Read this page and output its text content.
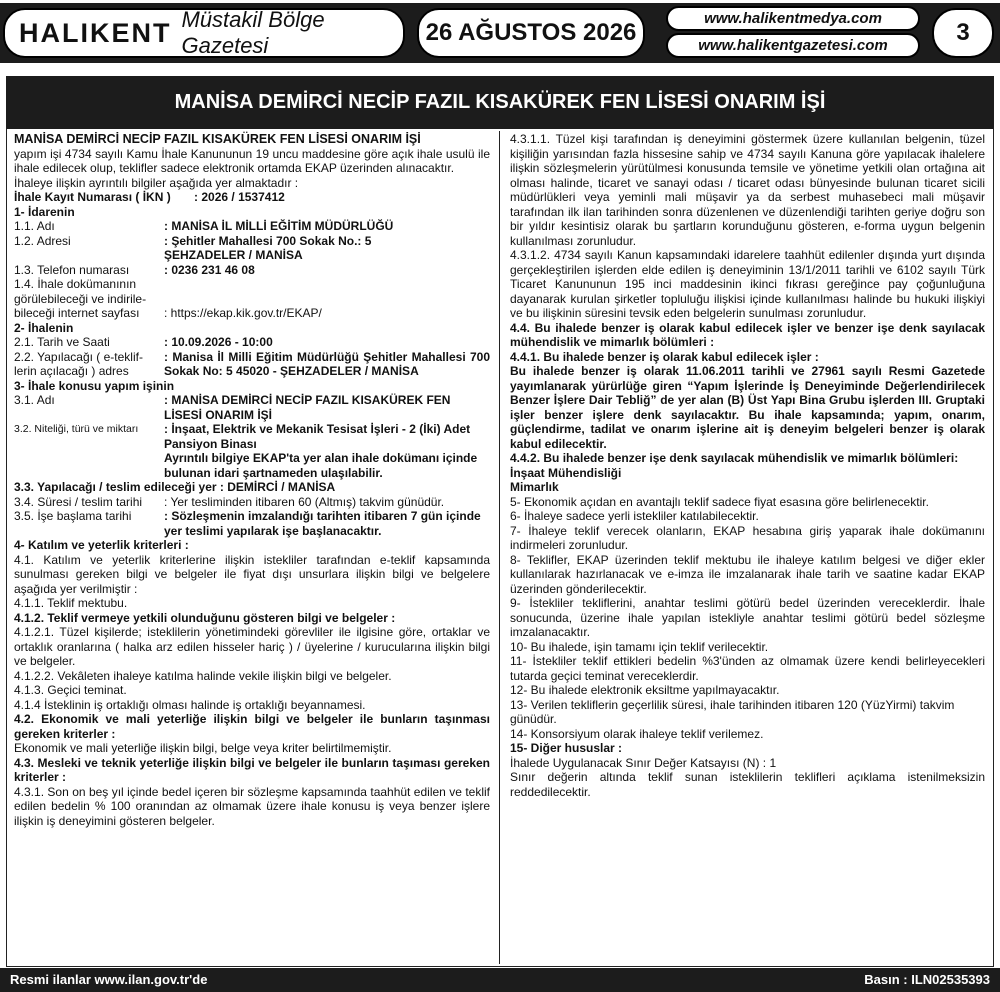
HALIKENT Müstakil Bölge Gazetesi	26 AĞUSTOS 2026
www.halikentmedya.com
www.halikentgazetesi.com	3
MANİSA DEMİRCİ NECİP FAZIL KISAKÜREK FEN LİSESİ ONARIM İŞİ

MANİSA DEMİRCİ NECİP FAZIL KISAKÜREK FEN LİSESİ ONARIM İŞİ

yapım işi 4734 sayılı Kamu İhale Kanununun 19 uncu maddesine göre açık ihale usulü ile ihale edilecek olup, teklifler sadece elektronik ortamda EKAP üzerinden alınacaktır.

İhaleye ilişkin ayrıntılı bilgiler aşağıda yer almaktadır :

İhale Kayıt Numarası ( İKN )       : 2026 / 1537412

1- İdarenin

1.1. Adı	: MANİSA İL MİLLİ EĞİTİM MÜDÜRLÜĞÜ
1.2. Adresi	: Şehitler Mahallesi 700 Sokak No.: 5 ŞEHZADELER / MANİSA
1.3. Telefon numarası	: 0236 231 46 08

1.4. İhale dokümanının

görülebileceği ve indirile-

bileceği internet sayfası	: https://ekap.kik.gov.tr/EKAP/

2- İhalenin

2.1. Tarih ve Saati	: 10.09.2026 - 10:00
2.2. Yapılacağı ( e-teklif-lerin açılacağı ) adres
: Manisa İl Milli Eğitim Müdürlüğü Şehitler Mahallesi 700 Sokak No: 5 45020 - ŞEHZADELER / MANİSA

3- İhale konusu yapım işinin

3.1. Adı	: MANİSA DEMİRCİ NECİP FAZIL KISAKÜREK FEN LİSESİ ONARIM İŞİ
3.2. Niteliği, türü ve miktarı	: İnşaat, Elektrik ve Mekanik Tesisat İşleri - 2 (İki) Adet Pansiyon Binası
Ayrıntılı bilgiye EKAP'ta yer alan ihale dokümanı içinde bulunan idari şartnameden ulaşılabilir.

3.3. Yapılacağı / teslim edileceği yer : DEMİRCİ / MANİSA

3.4. Süresi / teslim tarihi	: Yer tesliminden itibaren 60 (Altmış) takvim günüdür.
3.5. İşe başlama tarihi	: Sözleşmenin imzalandığı tarihten itibaren 7 gün içinde yer teslimi yapılarak işe başlanacaktır.

4- Katılım ve yeterlik kriterleri :

4.1. Katılım ve yeterlik kriterlerine ilişkin istekliler tarafından e-teklif kapsamında sunulması gereken bilgi ve belgeler ile fiyat dışı unsurlara ilişkin bilgi ve belgelere aşağıda yer verilmiştir :

4.1.1. Teklif mektubu.

4.1.2. Teklif vermeye yetkili olunduğunu gösteren bilgi ve belgeler :

4.1.2.1. Tüzel kişilerde; isteklilerin yönetimindeki görevliler ile ilgisine göre, ortaklar ve ortaklık oranlarına ( halka arz edilen hisseler hariç ) / üyelerine / kurucularına ilişkin bilgi ve belgeler.

4.1.2.2. Vekâleten ihaleye katılma halinde vekile ilişkin bilgi ve belgeler.

4.1.3. Geçici teminat.

4.1.4 İsteklinin iş ortaklığı olması halinde iş ortaklığı beyannamesi.

4.2. Ekonomik ve mali yeterliğe ilişkin bilgi ve belgeler ile bunların taşınması gereken kriterler :

Ekonomik ve mali yeterliğe ilişkin bilgi, belge veya kriter belirtilmemiştir.

4.3. Mesleki ve teknik yeterliğe ilişkin bilgi ve belgeler ile bunların taşıması gereken kriterler :

4.3.1. Son on beş yıl içinde bedel içeren bir sözleşme kapsamında taahhüt edilen ve teklif edilen bedelin % 100 oranından az olmamak üzere ihale konusu iş veya benzer işlere ilişkin iş deneyimini gösteren belgeler.

4.3.1.1. Tüzel kişi tarafından iş deneyimini göstermek üzere kullanılan belgenin, tüzel kişiliğin yarısından fazla hissesine sahip ve 4734 sayılı Kanuna göre yapılacak ihalelere ilişkin sözleşmelerin yürütülmesi konusunda temsile ve yönetime yetkili olan ortağına ait olması halinde, ticaret ve sanayi odası / ticaret odası bünyesinde bulunan ticaret sicili müdürlükleri veya yeminli mali müşavir ya da serbest muhasebeci mali müşavir tarafından ilk ilan tarihinden sonra düzenlenen ve düzenlendiği tarihten geriye doğru son bir yıldır kesintisiz olarak bu şartların korunduğunu gösteren, e-forma uygun belgenin kullanılması zorunludur.

4.3.1.2. 4734 sayılı Kanun kapsamındaki idarelere taahhüt edilenler dışında yurt dışında gerçekleştirilen işlerden elde edilen iş deneyiminin 13/1/2011 tarihli ve 6102 sayılı Türk Ticaret Kanununun 195 inci maddesinin ikinci fıkrası gereğince pay çoğunluğuna dayanarak kurulan şirketler topluluğu ilişkisi içinde kullanılması halinde bu hukuki ilişkiyi ve bu ilişkinin süresini tevsik eden belgelerin sunulması zorunludur.

4.4. Bu ihalede benzer iş olarak kabul edilecek işler ve benzer işe denk sayılacak mühendislik ve mimarlık bölümleri :

4.4.1. Bu ihalede benzer iş olarak kabul edilecek işler :

Bu ihalede benzer iş olarak 11.06.2011 tarihli ve 27961 sayılı Resmi Gazetede yayımlanarak yürürlüğe giren “Yapım İşlerinde İş Deneyiminde Değerlendirilecek Benzer İşlere Dair Tebliğ” de yer alan (B) Üst Yapı Bina Grubu işlerden III. Gruptaki işler benzer işlere denk sayılacaktır. Bu ihale kapsamında; yapım, onarım, güçlendirme, tadilat ve onarım işlerine ait iş deneyim belgeleri benzer iş olarak kabul edilecektir.

4.4.2. Bu ihalede benzer işe denk sayılacak mühendislik ve mimarlık bölümleri:

İnşaat Mühendisliği

Mimarlık

5- Ekonomik açıdan en avantajlı teklif sadece fiyat esasına göre belirlenecektir.

6- İhaleye sadece yerli istekliler katılabilecektir.

7- İhaleye teklif verecek olanların, EKAP hesabına giriş yaparak ihale dokümanını indirmeleri zorunludur.

8- Teklifler, EKAP üzerinden teklif mektubu ile ihaleye katılım belgesi ve diğer ekler kullanılarak hazırlanacak ve e-imza ile imzalanarak ihale tarih ve saatine kadar EKAP üzerinden gönderilecektir.

9- İstekliler tekliflerini, anahtar teslimi götürü bedel üzerinden vereceklerdir. İhale sonucunda, üzerine ihale yapılan istekliyle anahtar teslimi götürü bedel sözleşme imzalanacaktır.

10- Bu ihalede, işin tamamı için teklif verilecektir.

11- İstekliler teklif ettikleri bedelin %3'ünden az olmamak üzere kendi belirleyecekleri tutarda geçici teminat vereceklerdir.

12- Bu ihalede elektronik eksiltme yapılmayacaktır.

13- Verilen tekliflerin geçerlilik süresi, ihale tarihinden itibaren 120 (YüzYirmi) takvim günüdür.

14- Konsorsiyum olarak ihaleye teklif verilemez.

15- Diğer hususlar :

İhalede Uygulanacak Sınır Değer Katsayısı (N) : 1

Sınır değerin altında teklif sunan isteklilerin teklifleri açıklama istenilmeksizin reddedilecektir.

Resmi ilanlar www.ilan.gov.tr'de	Basın : ILN02535393
